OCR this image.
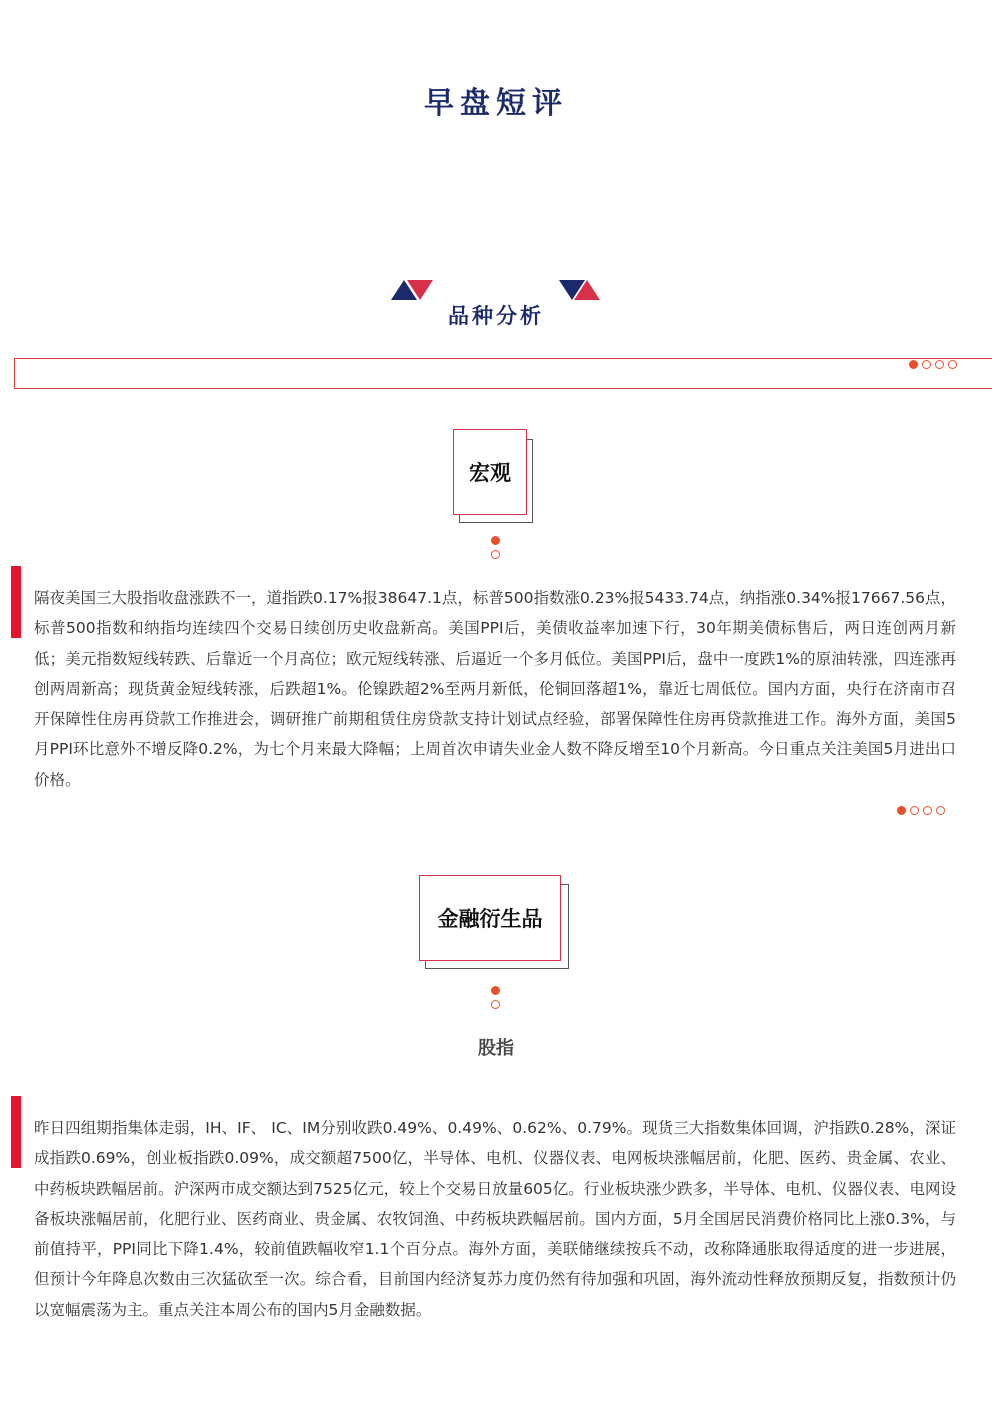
早盘短评
品种分析
宏观
隔夜美国三大股指收盘涨跌不一，道指跌0.17%报38647.1点，标普500指数涨0.23%报5433.74点，纳指涨0.34%报17667.56点，标普500指数和纳指均连续四个交易日续创历史收盘新高。美国PPI后，美债收益率加速下行，30年期美债标售后，两日连创两月新低；美元指数短线转跌、后靠近一个月高位；欧元短线转涨、后逼近一个多月低位。美国PPI后，盘中一度跌1%的原油转涨，四连涨再创两周新高；现货黄金短线转涨，后跌超1%。伦镍跌超2%至两月新低，伦铜回落超1%，靠近七周低位。国内方面，央行在济南市召开保障性住房再贷款工作推进会，调研推广前期租赁住房贷款支持计划试点经验，部署保障性住房再贷款推进工作。海外方面，美国5月PPI环比意外不增反降0.2%，为七个月来最大降幅；上周首次申请失业金人数不降反增至10个月新高。今日重点关注美国5月进出口价格。
金融衍生品
股指
昨日四组期指集体走弱，IH、IF、 IC、IM分别收跌0.49%、0.49%、0.62%、0.79%。现货三大指数集体回调，沪指跌0.28%，深证成指跌0.69%，创业板指跌0.09%，成交额超7500亿，半导体、电机、仪器仪表、电网板块涨幅居前，化肥、医药、贵金属、农业、中药板块跌幅居前。沪深两市成交额达到7525亿元，较上个交易日放量605亿。行业板块涨少跌多，半导体、电机、仪器仪表、电网设备板块涨幅居前，化肥行业、医药商业、贵金属、农牧饲渔、中药板块跌幅居前。国内方面，5月全国居民消费价格同比上涨0.3%，与前值持平，PPI同比下降1.4%，较前值跌幅收窄1.1个百分点。海外方面，美联储继续按兵不动，改称降通胀取得适度的进一步进展，但预计今年降息次数由三次猛砍至一次。综合看，目前国内经济复苏力度仍然有待加强和巩固，海外流动性释放预期反复，指数预计仍以宽幅震荡为主。重点关注本周公布的国内5月金融数据。
